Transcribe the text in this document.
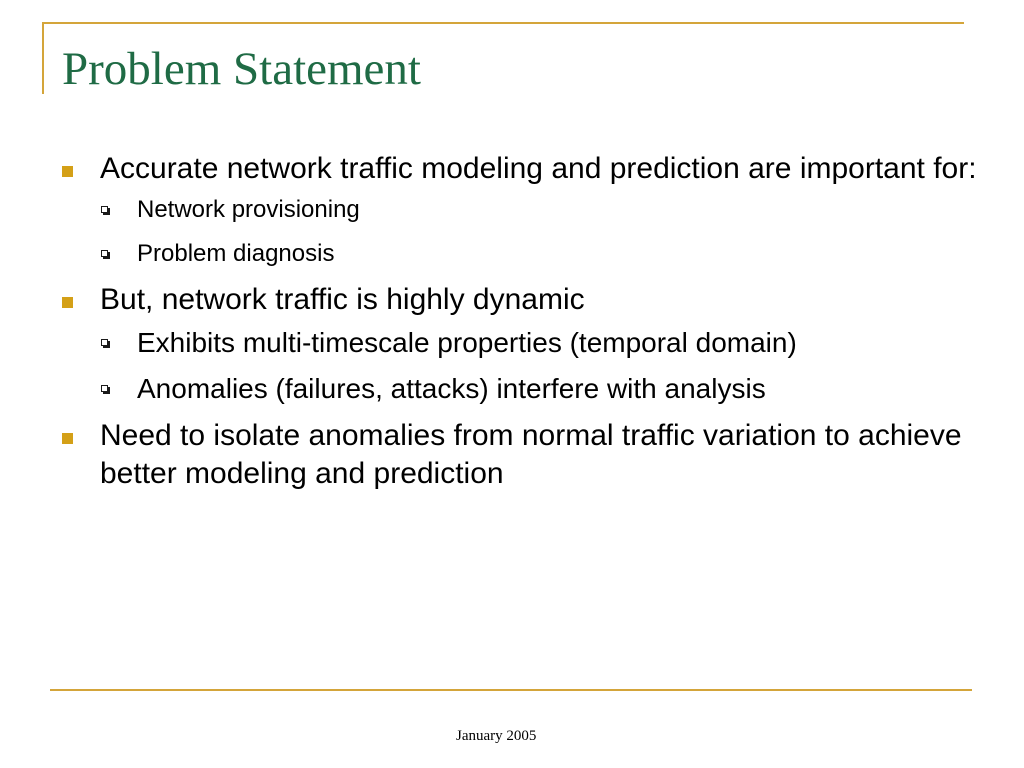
Problem Statement
Accurate network traffic modeling and prediction are important for:
Network provisioning
Problem diagnosis
But, network traffic is highly dynamic
Exhibits multi-timescale properties (temporal domain)
Anomalies (failures, attacks) interfere with analysis
Need to isolate anomalies from normal traffic variation to achieve better modeling and prediction
January 2005
